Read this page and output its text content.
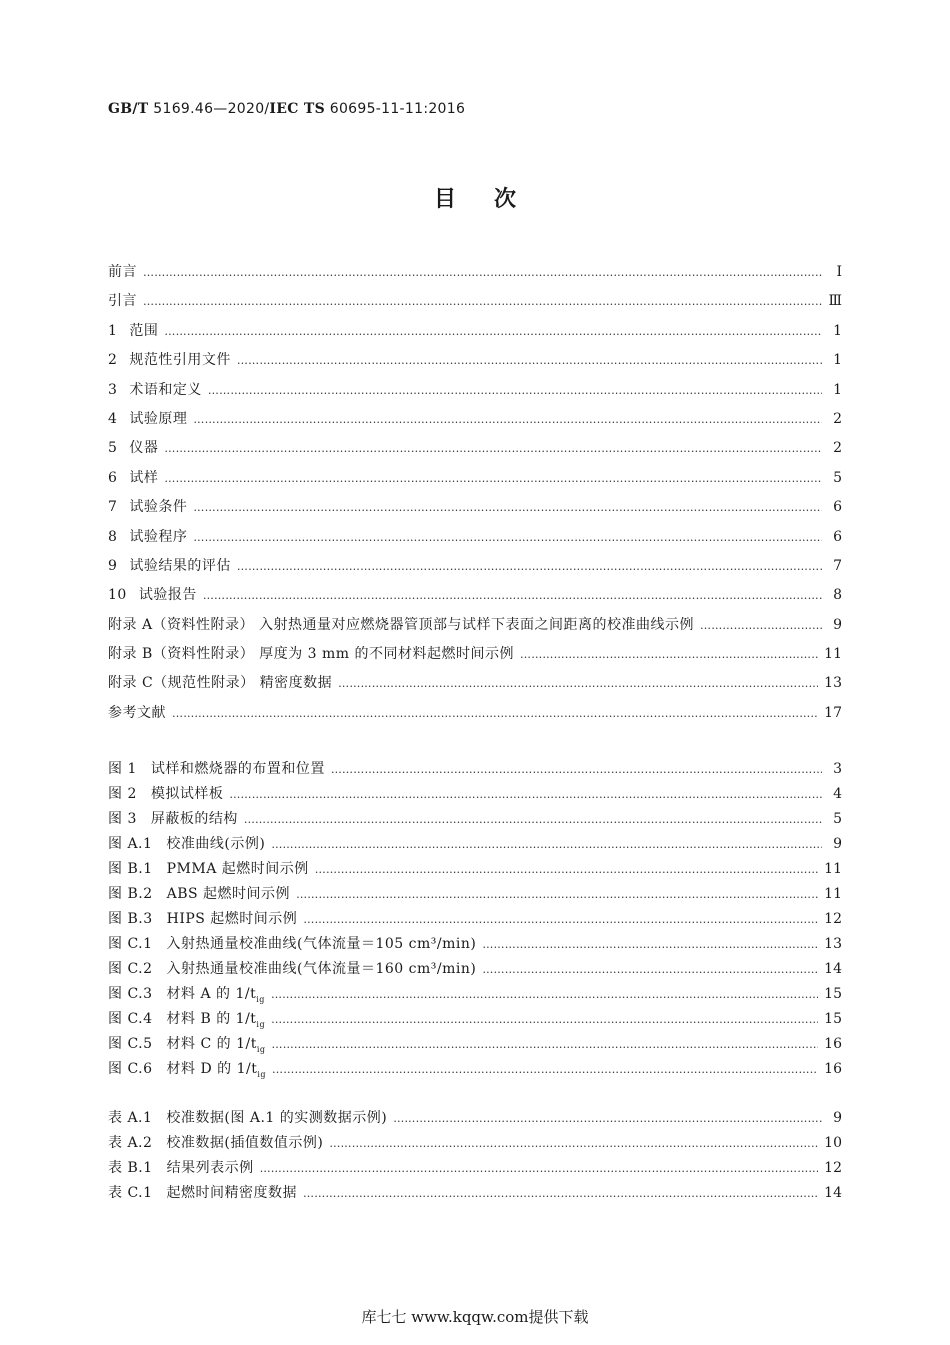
GB/T 5169.46—2020/IEC TS 60695-11-11:2016
目次
前言 …………………………………………………………………………………………………………………………………………………………………………………………………………………………………………	Ⅰ
引言 …………………………………………………………………………………………………………………………………………………………………………………………………………………………………………	Ⅲ
1 范围 …………………………………………………………………………………………………………………………………………………………………………………………………………………………………………	1
2 规范性引用文件 …………………………………………………………………………………………………………………………………………………………………………………………………………………………………………	1
3 术语和定义 …………………………………………………………………………………………………………………………………………………………………………………………………………………………………………	1
4 试验原理 …………………………………………………………………………………………………………………………………………………………………………………………………………………………………………	2
5 仪器 …………………………………………………………………………………………………………………………………………………………………………………………………………………………………………	2
6 试样 …………………………………………………………………………………………………………………………………………………………………………………………………………………………………………	5
7 试验条件 …………………………………………………………………………………………………………………………………………………………………………………………………………………………………………	6
8 试验程序 …………………………………………………………………………………………………………………………………………………………………………………………………………………………………………	6
9 试验结果的评估 …………………………………………………………………………………………………………………………………………………………………………………………………………………………………………	7
10 试验报告 …………………………………………………………………………………………………………………………………………………………………………………………………………………………………………	8
附录 A（资料性附录） 入射热通量对应燃烧器管顶部与试样下表面之间距离的校准曲线示例 …………………………………………………………………………………………………………………………………………………………………………………………………………………………………………	9
附录 B（资料性附录） 厚度为 3 mm 的不同材料起燃时间示例 …………………………………………………………………………………………………………………………………………………………………………………………………………………………………………	11
附录 C（规范性附录） 精密度数据 …………………………………………………………………………………………………………………………………………………………………………………………………………………………………………	13
参考文献 …………………………………………………………………………………………………………………………………………………………………………………………………………………………………………	17
图 1 试样和燃烧器的布置和位置 …………………………………………………………………………………………………………………………………………………………………………………………………………………………………………	3
图 2 模拟试样板 …………………………………………………………………………………………………………………………………………………………………………………………………………………………………………	4
图 3 屏蔽板的结构 …………………………………………………………………………………………………………………………………………………………………………………………………………………………………………	5
图 A.1 校准曲线(示例) …………………………………………………………………………………………………………………………………………………………………………………………………………………………………………	9
图 B.1 PMMA 起燃时间示例 …………………………………………………………………………………………………………………………………………………………………………………………………………………………………………	11
图 B.2 ABS 起燃时间示例 …………………………………………………………………………………………………………………………………………………………………………………………………………………………………………	11
图 B.3 HIPS 起燃时间示例 …………………………………………………………………………………………………………………………………………………………………………………………………………………………………………	12
图 C.1 入射热通量校准曲线(气体流量＝105 cm³/min) …………………………………………………………………………………………………………………………………………………………………………………………………………………………………………	13
图 C.2 入射热通量校准曲线(气体流量＝160 cm³/min) …………………………………………………………………………………………………………………………………………………………………………………………………………………………………………	14
图 C.3 材料 A 的 $1/t_{ig}$ …………………………………………………………………………………………………………………………………………………………………………………………………………………………………………	15
图 C.4 材料 B 的 $1/t_{ig}$ …………………………………………………………………………………………………………………………………………………………………………………………………………………………………………	15
图 C.5 材料 C 的 $1/t_{ig}$ …………………………………………………………………………………………………………………………………………………………………………………………………………………………………………	16
图 C.6 材料 D 的 $1/t_{ig}$ …………………………………………………………………………………………………………………………………………………………………………………………………………………………………………	16
表 A.1 校准数据(图 A.1 的实测数据示例) …………………………………………………………………………………………………………………………………………………………………………………………………………………………………………	9
表 A.2 校准数据(插值数值示例) …………………………………………………………………………………………………………………………………………………………………………………………………………………………………………	10
表 B.1 结果列表示例 …………………………………………………………………………………………………………………………………………………………………………………………………………………………………………	12
表 C.1 起燃时间精密度数据 …………………………………………………………………………………………………………………………………………………………………………………………………………………………………………	14
库七七 www.kqqw.com提供下载
